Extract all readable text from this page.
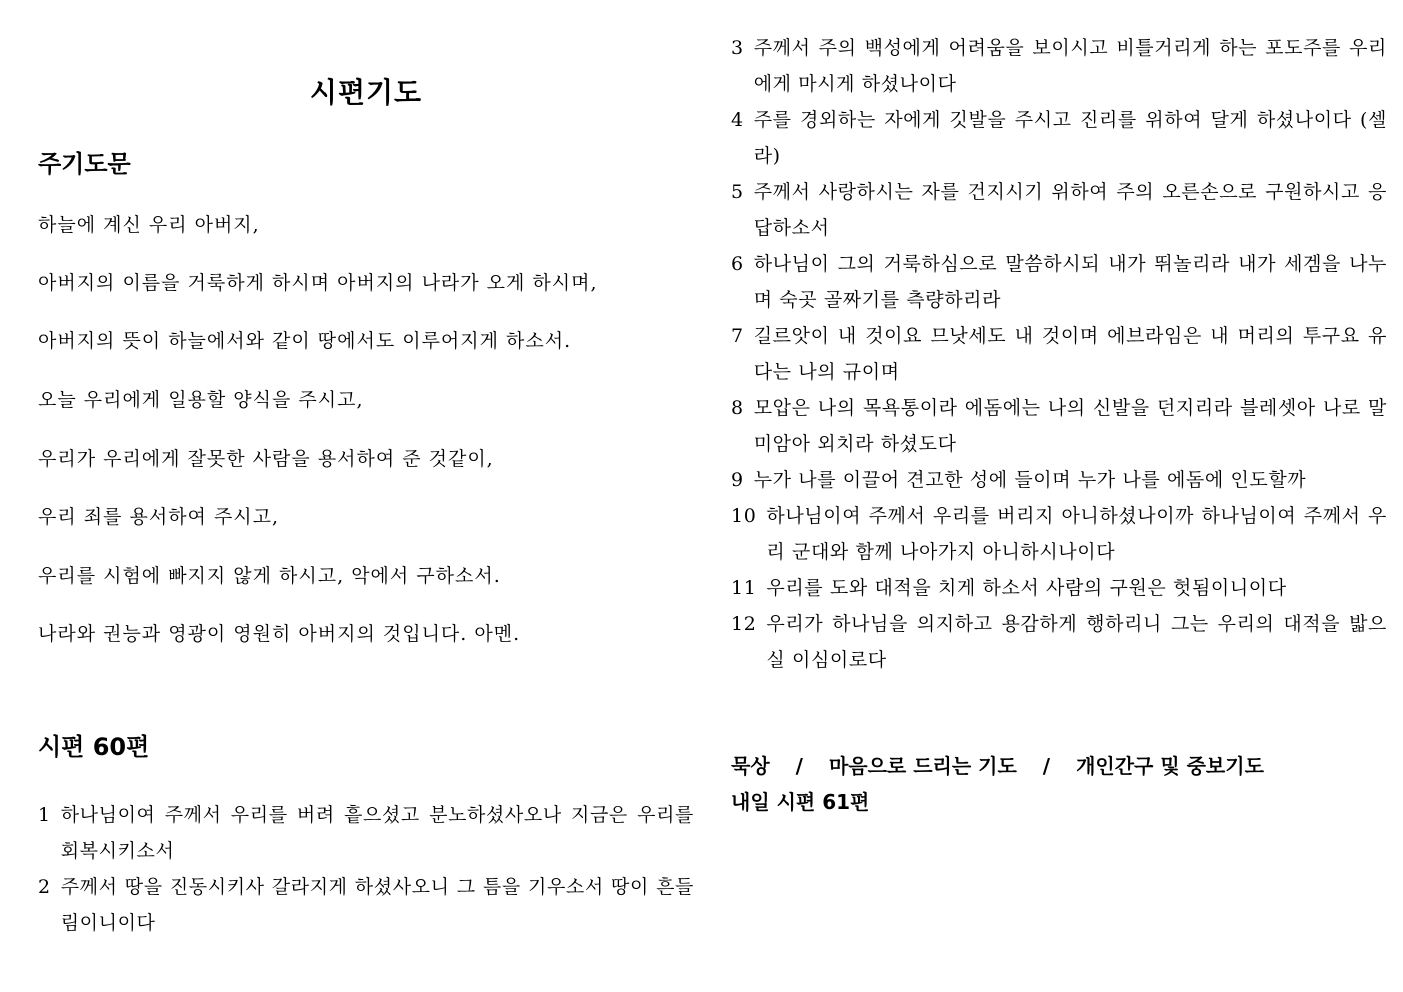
시편기도
주기도문

하늘에 계신 우리 아버지,

아버지의 이름을 거룩하게 하시며 아버지의 나라가 오게 하시며,

아버지의 뜻이 하늘에서와 같이 땅에서도 이루어지게 하소서.

오늘 우리에게 일용할 양식을 주시고,

우리가 우리에게 잘못한 사람을 용서하여 준 것같이,

우리 죄를 용서하여 주시고,

우리를 시험에 빠지지 않게 하시고, 악에서 구하소서.

나라와 권능과 영광이 영원히 아버지의 것입니다. 아멘.

시편 60편
1 하나님이여 주께서 우리를 버려 흩으셨고 분노하셨사오나 지금은 우리를 회복시키소서
2 주께서 땅을 진동시키사 갈라지게 하셨사오니 그 틈을 기우소서 땅이 흔들림이니이다
3 주께서 주의 백성에게 어려움을 보이시고 비틀거리게 하는 포도주를 우리에게 마시게 하셨나이다
4 주를 경외하는 자에게 깃발을 주시고 진리를 위하여 달게 하셨나이다 (셀라)
5 주께서 사랑하시는 자를 건지시기 위하여 주의 오른손으로 구원하시고 응답하소서
6 하나님이 그의 거룩하심으로 말씀하시되 내가 뛰놀리라 내가 세겜을 나누며 숙곳 골짜기를 측량하리라
7 길르앗이 내 것이요 므낫세도 내 것이며 에브라임은 내 머리의 투구요 유다는 나의 규이며
8 모압은 나의 목욕통이라 에돔에는 나의 신발을 던지리라 블레셋아 나로 말미암아 외치라 하셨도다
9 누가 나를 이끌어 견고한 성에 들이며 누가 나를 에돔에 인도할까
10 하나님이여 주께서 우리를 버리지 아니하셨나이까 하나님이여 주께서 우리 군대와 함께 나아가지 아니하시나이다
11 우리를 도와 대적을 치게 하소서 사람의 구원은 헛됨이니이다
12 우리가 하나님을 의지하고 용감하게 행하리니 그는 우리의 대적을 밟으실 이심이로다

묵상 / 마음으로 드리는 기도 / 개인간구 및 중보기도

내일 시편 61편
